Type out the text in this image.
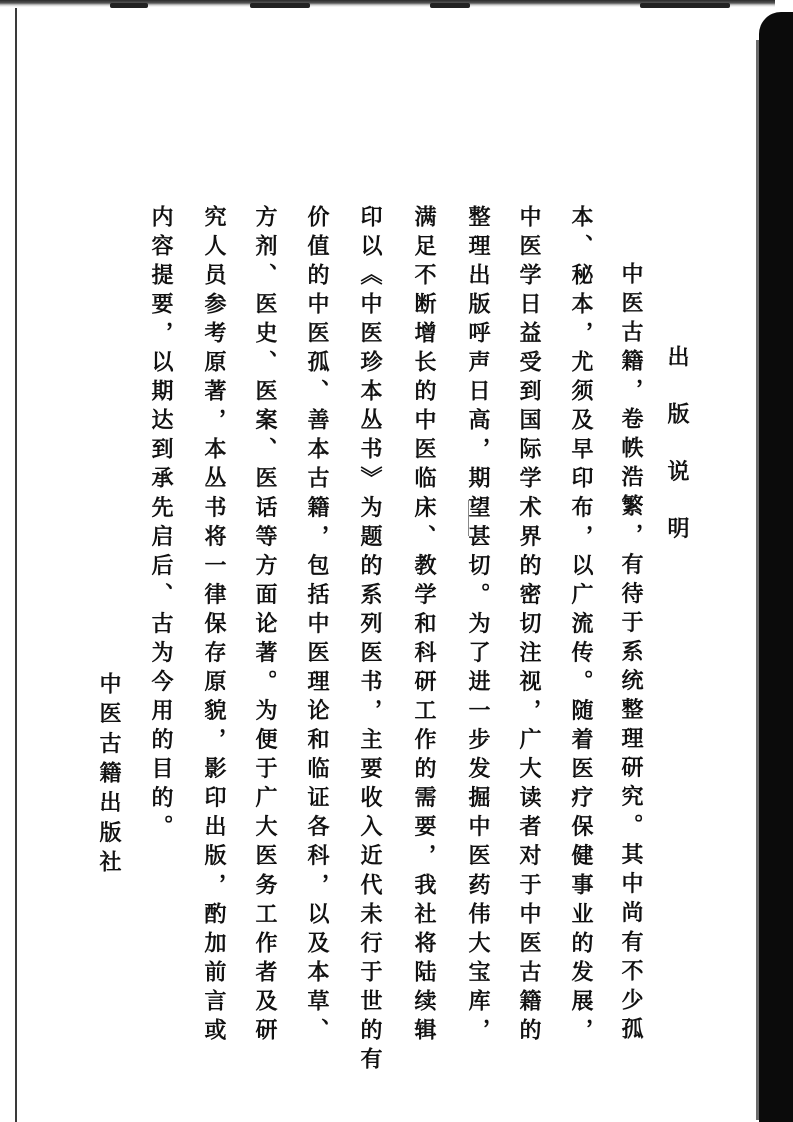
出版说明
中医古籍，卷帙浩繁，有待于系统整理研究。其中尚有不少孤
本、秘本，尤须及早印布，以广流传。随着医疗保健事业的发展，
中医学日益受到国际学术界的密切注视，广大读者对于中医古籍的
整理出版呼声日高，期望甚切。为了进一步发掘中医药伟大宝库，
满足不断增长的中医临床、教学和科研工作的需要，我社将陆续辑
印以《中医珍本丛书》为题的系列医书，主要收入近代未行于世的有
价值的中医孤、善本古籍，包括中医理论和临证各科，以及本草、
方剂、医史、医案、医话等方面论著。为便于广大医务工作者及研
究人员参考原著，本丛书将一律保存原貌，影印出版，酌加前言或
内容提要，以期达到承先启后、古为今用的目的。
中医古籍出版社
